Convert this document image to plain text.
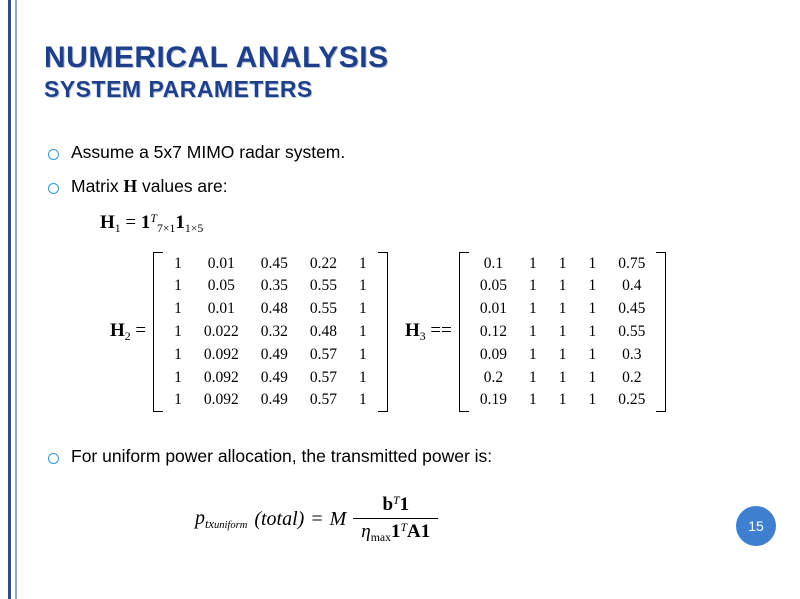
NUMERICAL ANALYSIS
SYSTEM PARAMETERS
Assume a 5x7 MIMO radar system.
Matrix H values are:
$H_1 = 1^T_{7\times 1}1_{1\times 5}$
$H_2$ =
1	0.01	0.45	0.22	1
1	0.05	0.35	0.55	1
1	0.01	0.48	0.55	1
1	0.022	0.32	0.48	1
1	0.092	0.49	0.57	1
1	0.092	0.49	0.57	1
1	0.092	0.49	0.57	1
$H_3$ ==
0.1	1	1	1	0.75
0.05	1	1	1	0.4
0.01	1	1	1	0.45
0.12	1	1	1	0.55
0.09	1	1	1	0.3
0.2	1	1	1	0.2
0.19	1	1	1	0.25
For uniform power allocation, the transmitted power is:
$p_{txuniform}$ (total) = M $\frac{b^T1}{\eta_{max}1^TA1}$	15
